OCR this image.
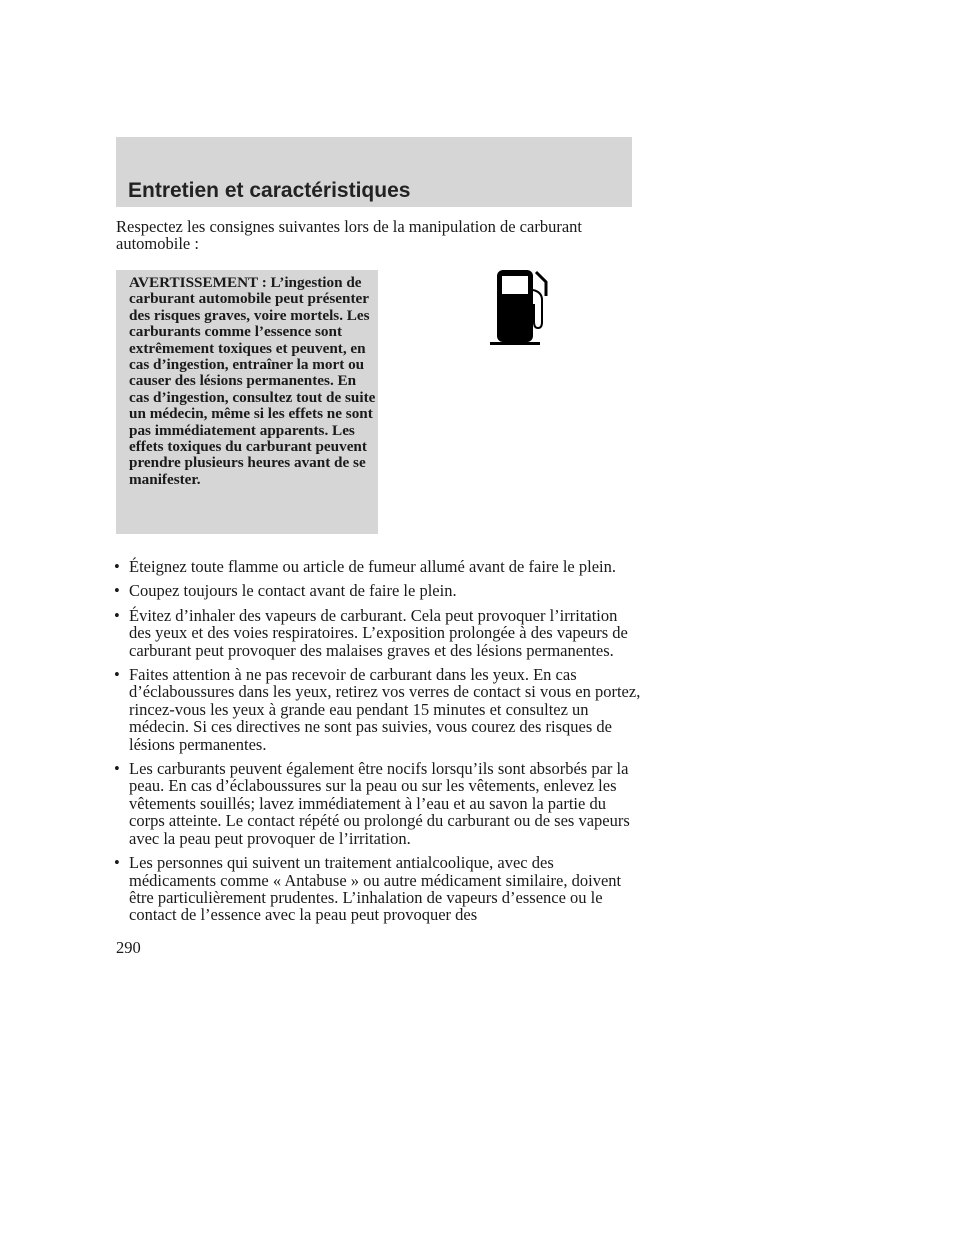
Entretien et caractéristiques

Respectez les consignes suivantes lors de la manipulation de carburant automobile :

AVERTISSEMENT : L’ingestion de carburant automobile peut présenter des risques graves, voire mortels. Les carburants comme l’essence sont extrêmement toxiques et peuvent, en cas d’ingestion, entraîner la mort ou causer des lésions permanentes. En cas d’ingestion, consultez tout de suite un médecin, même si les effets ne sont pas immédiatement apparents. Les effets toxiques du carburant peuvent prendre plusieurs heures avant de se manifester.

• Éteignez toute flamme ou article de fumeur allumé avant de faire le plein.
• Coupez toujours le contact avant de faire le plein.
• Évitez d’inhaler des vapeurs de carburant. Cela peut provoquer l’irritation des yeux et des voies respiratoires. L’exposition prolongée à des vapeurs de carburant peut provoquer des malaises graves et des lésions permanentes.
• Faites attention à ne pas recevoir de carburant dans les yeux. En cas d’éclaboussures dans les yeux, retirez vos verres de contact si vous en portez, rincez-vous les yeux à grande eau pendant 15 minutes et consultez un médecin. Si ces directives ne sont pas suivies, vous courez des risques de lésions permanentes.
• Les carburants peuvent également être nocifs lorsqu’ils sont absorbés par la peau. En cas d’éclaboussures sur la peau ou sur les vêtements, enlevez les vêtements souillés; lavez immédiatement à l’eau et au savon la partie du corps atteinte. Le contact répété ou prolongé du carburant ou de ses vapeurs avec la peau peut provoquer de l’irritation.
• Les personnes qui suivent un traitement antialcoolique, avec des médicaments comme « Antabuse » ou autre médicament similaire, doivent être particulièrement prudentes. L’inhalation de vapeurs d’essence ou le contact de l’essence avec la peau peut provoquer des

290
